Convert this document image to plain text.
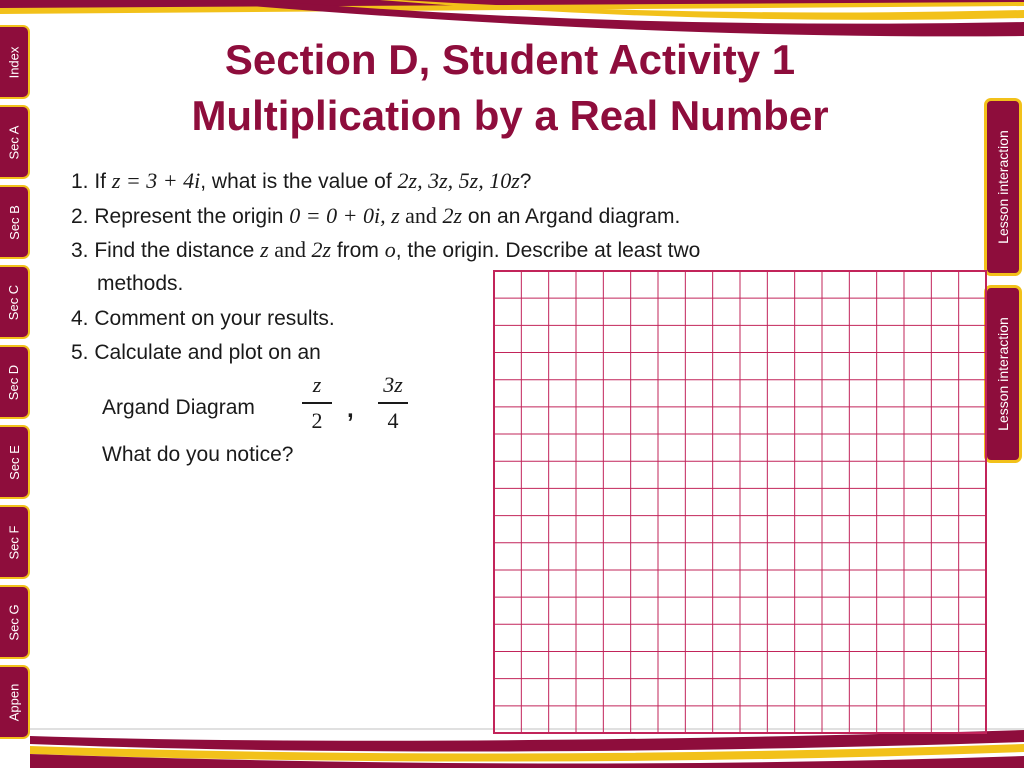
Index
Sec A
Sec B
Sec C
Sec D
Sec E
Sec F
Sec G
Appen
Lesson interaction
Lesson interaction
Section D, Student Activity 1
Multiplication by a Real Number
1. If z = 3 + 4i, what is the value of 2z, 3z, 5z, 10z?
2. Represent the origin 0 = 0 + 0i, z and 2z on an Argand diagram.
3. Find the distance z and 2z from o, the origin. Describe at least two
methods.
4. Comment on your results.
5. Calculate and plot on an
Argand Diagram
z
2 ,
3z
4
What do you notice?
